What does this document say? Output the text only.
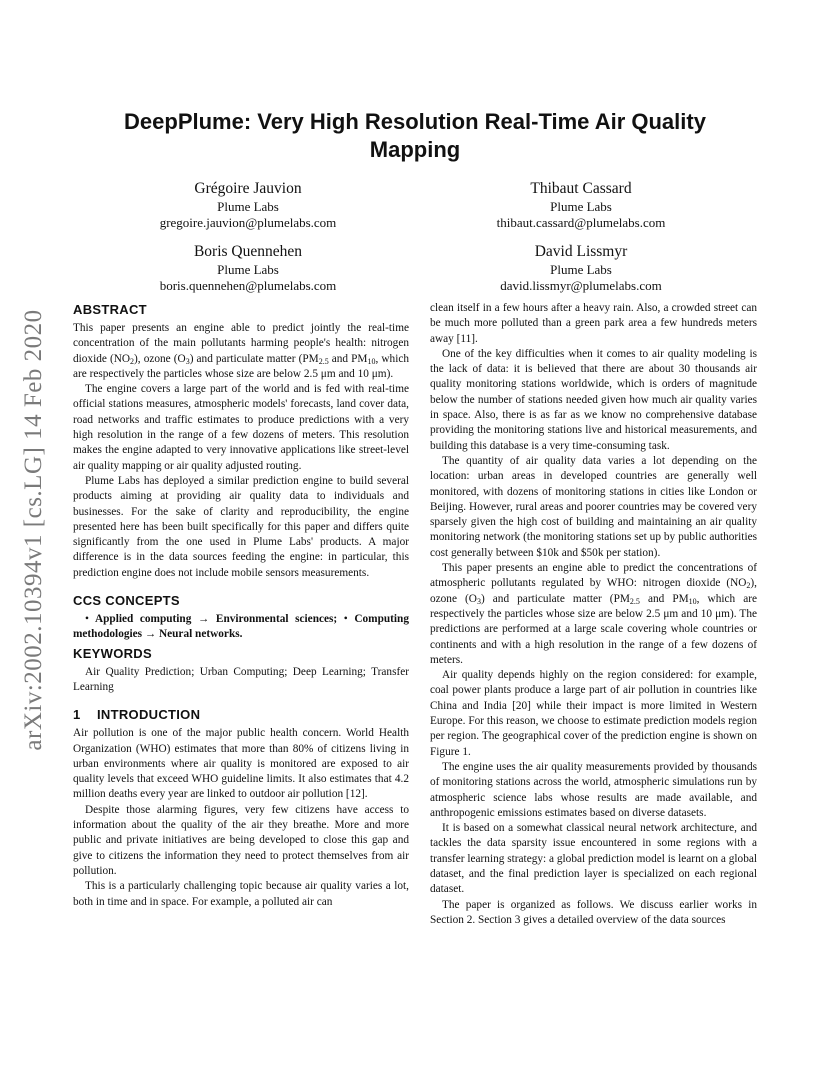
arXiv:2002.10394v1 [cs.LG] 14 Feb 2020
DeepPlume: Very High Resolution Real-Time Air Quality Mapping
Grégoire Jauvion
Plume Labs
gregoire.jauvion@plumelabs.com
Thibaut Cassard
Plume Labs
thibaut.cassard@plumelabs.com
Boris Quennehen
Plume Labs
boris.quennehen@plumelabs.com
David Lissmyr
Plume Labs
david.lissmyr@plumelabs.com
ABSTRACT

This paper presents an engine able to predict jointly the real-time concentration of the main pollutants harming people's health: nitrogen dioxide $(NO_2)$, ozone $(O_3)$ and particulate matter ($PM_{2.5}$ and $PM_{10}$, which are respectively the particles whose size are below 2.5 μm and 10 μm).

The engine covers a large part of the world and is fed with real-time official stations measures, atmospheric models' forecasts, land cover data, road networks and traffic estimates to produce predictions with a very high resolution in the range of a few dozens of meters. This resolution makes the engine adapted to very innovative applications like street-level air quality mapping or air quality adjusted routing.

Plume Labs has deployed a similar prediction engine to build several products aiming at providing air quality data to individuals and businesses. For the sake of clarity and reproducibility, the engine presented here has been built specifically for this paper and differs quite significantly from the one used in Plume Labs' products. A major difference is in the data sources feeding the engine: in particular, this prediction engine does not include mobile sensors measurements.

CCS CONCEPTS

• Applied computing → Environmental sciences; • Computing methodologies → Neural networks.

KEYWORDS

Air Quality Prediction; Urban Computing; Deep Learning; Transfer Learning

1 INTRODUCTION

Air pollution is one of the major public health concern. World Health Organization (WHO) estimates that more than 80% of citizens living in urban environments where air quality is monitored are exposed to air quality levels that exceed WHO guideline limits. It also estimates that 4.2 million deaths every year are linked to outdoor air pollution [12].

Despite those alarming figures, very few citizens have access to information about the quality of the air they breathe. More and more public and private initiatives are being developed to close this gap and give to citizens the information they need to protect themselves from air pollution.

This is a particularly challenging topic because air quality varies a lot, both in time and in space. For example, a polluted air can

clean itself in a few hours after a heavy rain. Also, a crowded street can be much more polluted than a green park area a few hundreds meters away [11].

One of the key difficulties when it comes to air quality modeling is the lack of data: it is believed that there are about 30 thousands air quality monitoring stations worldwide, which is orders of magnitude below the number of stations needed given how much air quality varies in space. Also, there is as far as we know no comprehensive database providing the monitoring stations live and historical measurements, and building this database is a very time-consuming task.

The quantity of air quality data varies a lot depending on the location: urban areas in developed countries are generally well monitored, with dozens of monitoring stations in cities like London or Beijing. However, rural areas and poorer countries may be covered very sparsely given the high cost of building and maintaining an air quality monitoring network (the monitoring stations set up by public authorities cost generally between $10k and $50k per station).

This paper presents an engine able to predict the concentrations of atmospheric pollutants regulated by WHO: nitrogen dioxide $(NO_2)$, ozone $(O_3)$ and particulate matter ($PM_{2.5}$ and $PM_{10}$, which are respectively the particles whose size are below 2.5 μm and 10 μm). The predictions are performed at a large scale covering whole countries or continents and with a high resolution in the range of a few dozens of meters.

Air quality depends highly on the region considered: for example, coal power plants produce a large part of air pollution in countries like China and India [20] while their impact is more limited in Western Europe. For this reason, we choose to estimate prediction models region per region. The geographical cover of the prediction engine is shown on Figure 1.

The engine uses the air quality measurements provided by thousands of monitoring stations across the world, atmospheric simulations run by atmospheric science labs whose results are made available, and anthropogenic emissions estimates based on diverse datasets.

It is based on a somewhat classical neural network architecture, and tackles the data sparsity issue encountered in some regions with a transfer learning strategy: a global prediction model is learnt on a global dataset, and the final prediction layer is specialized on each regional dataset.

The paper is organized as follows. We discuss earlier works in Section 2. Section 3 gives a detailed overview of the data sources
